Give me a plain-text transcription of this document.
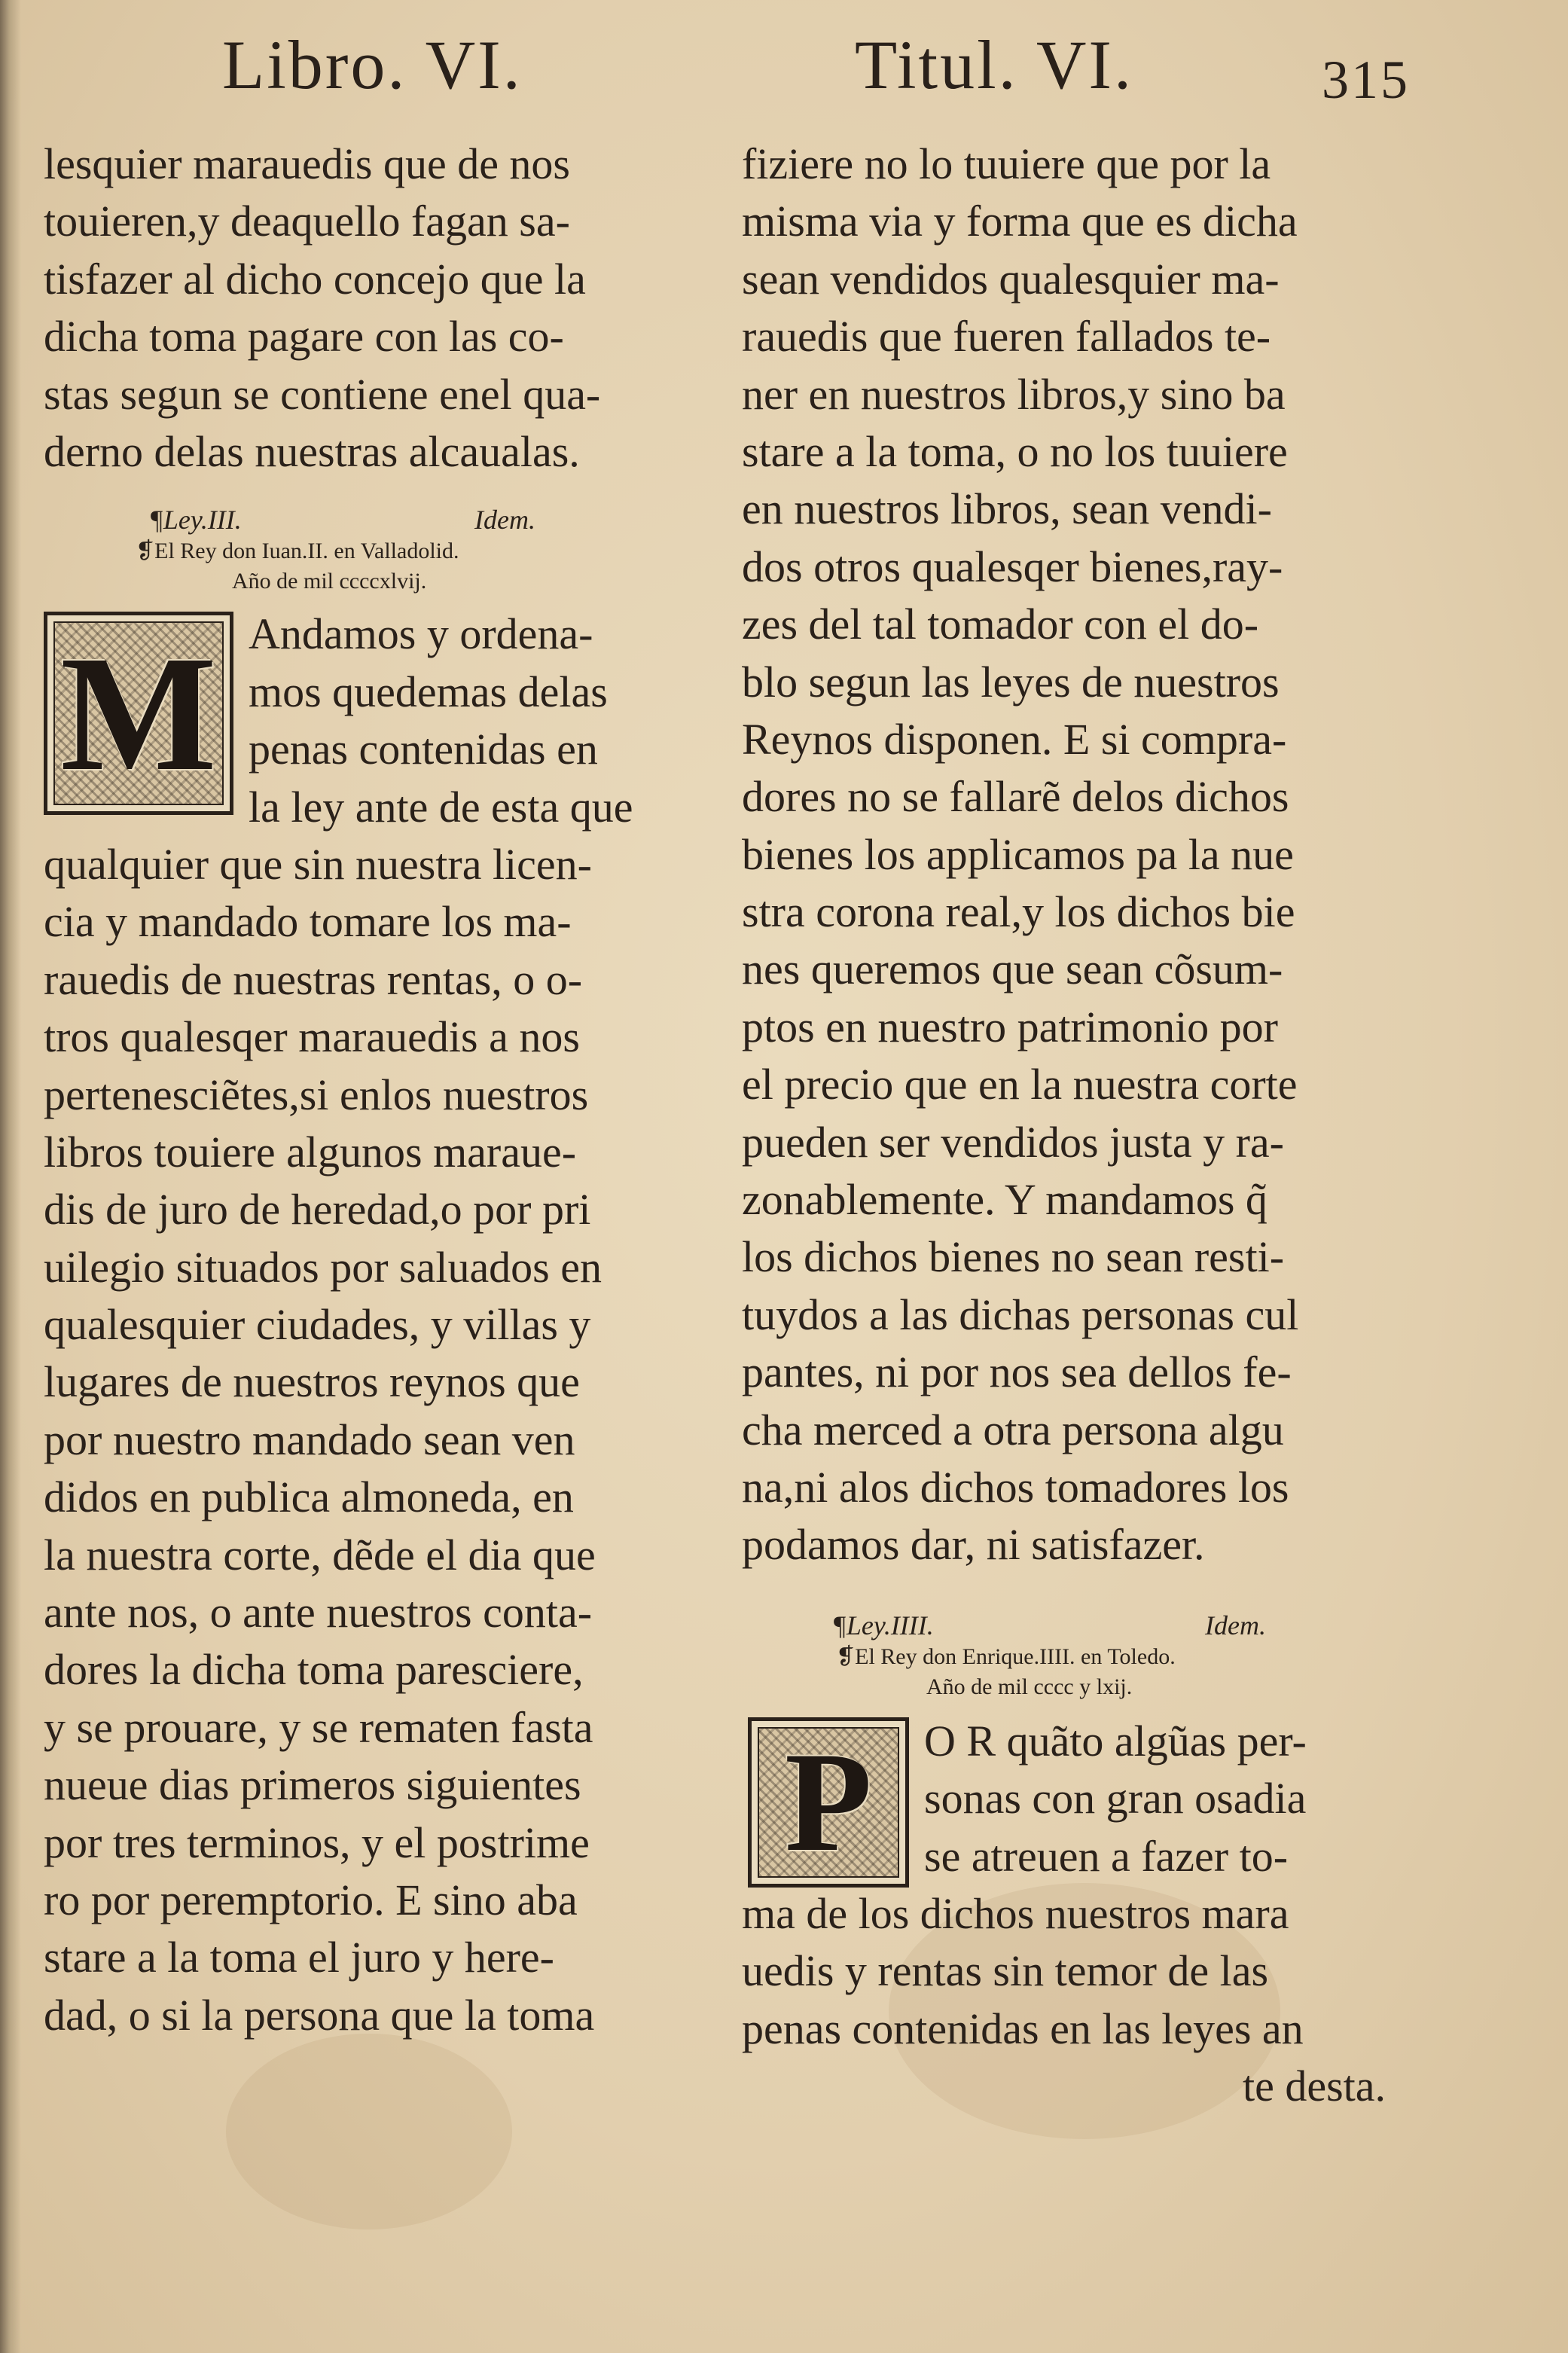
Libro. VI.	Titul. VI.	315
lesquier marauedis que de nos
touieren,y deaquello fagan sa-
tisfazer al dicho concejo que la
dicha toma pagare con las co-
stas segun se contiene enel qua-
derno delas nuestras alcaualas.
¶Ley.III.	Idem.
❡El Rey don Iuan.II. en Valladolid.
Año de mil ccccxlvij.
M Andamos y ordena-
mos quedemas delas
penas contenidas en
la ley ante de esta que
qualquier que sin nuestra licen-
cia y mandado tomare los ma-
rauedis de nuestras rentas, o o-
tros qualesqer marauedis a nos
pertenesciẽtes,si enlos nuestros
libros touiere algunos maraue-
dis de juro de heredad,o por pri
uilegio situados por saluados en
qualesquier ciudades, y villas y
lugares de nuestros reynos que
por nuestro mandado sean ven
didos en publica almoneda, en
la nuestra corte, dẽde el dia que
ante nos, o ante nuestros conta-
dores la dicha toma paresciere,
y se prouare, y se rematen fasta
nueue dias primeros siguientes
por tres terminos, y el postrime
ro por peremptorio. E sino aba
stare a la toma el juro y here-
dad, o si la persona que la toma
fiziere no lo tuuiere que por la
misma via y forma que es dicha
sean vendidos qualesquier ma-
rauedis que fueren fallados te-
ner en nuestros libros,y sino ba
stare a la toma, o no los tuuiere
en nuestros libros, sean vendi-
dos otros qualesqer bienes,ray-
zes del tal tomador con el do-
blo segun las leyes de nuestros
Reynos disponen. E si compra-
dores no se fallarẽ delos dichos
bienes los applicamos pa la nue
stra corona real,y los dichos bie
nes queremos que sean cõsum-
ptos en nuestro patrimonio por
el precio que en la nuestra corte
pueden ser vendidos justa y ra-
zonablemente. Y mandamos q̃
los dichos bienes no sean resti-
tuydos a las dichas personas cul
pantes, ni por nos sea dellos fe-
cha merced a otra persona algu
na,ni alos dichos tomadores los
podamos dar, ni satisfazer.
¶Ley.IIII.	Idem.
❡El Rey don Enrique.IIII. en Toledo.
Año de mil cccc y lxij.
P	O R quãto algũas per-
sonas con gran osadia
se atreuen a fazer to-
ma de los dichos nuestros mara
uedis y rentas sin temor de las
penas contenidas en las leyes an
te desta.
